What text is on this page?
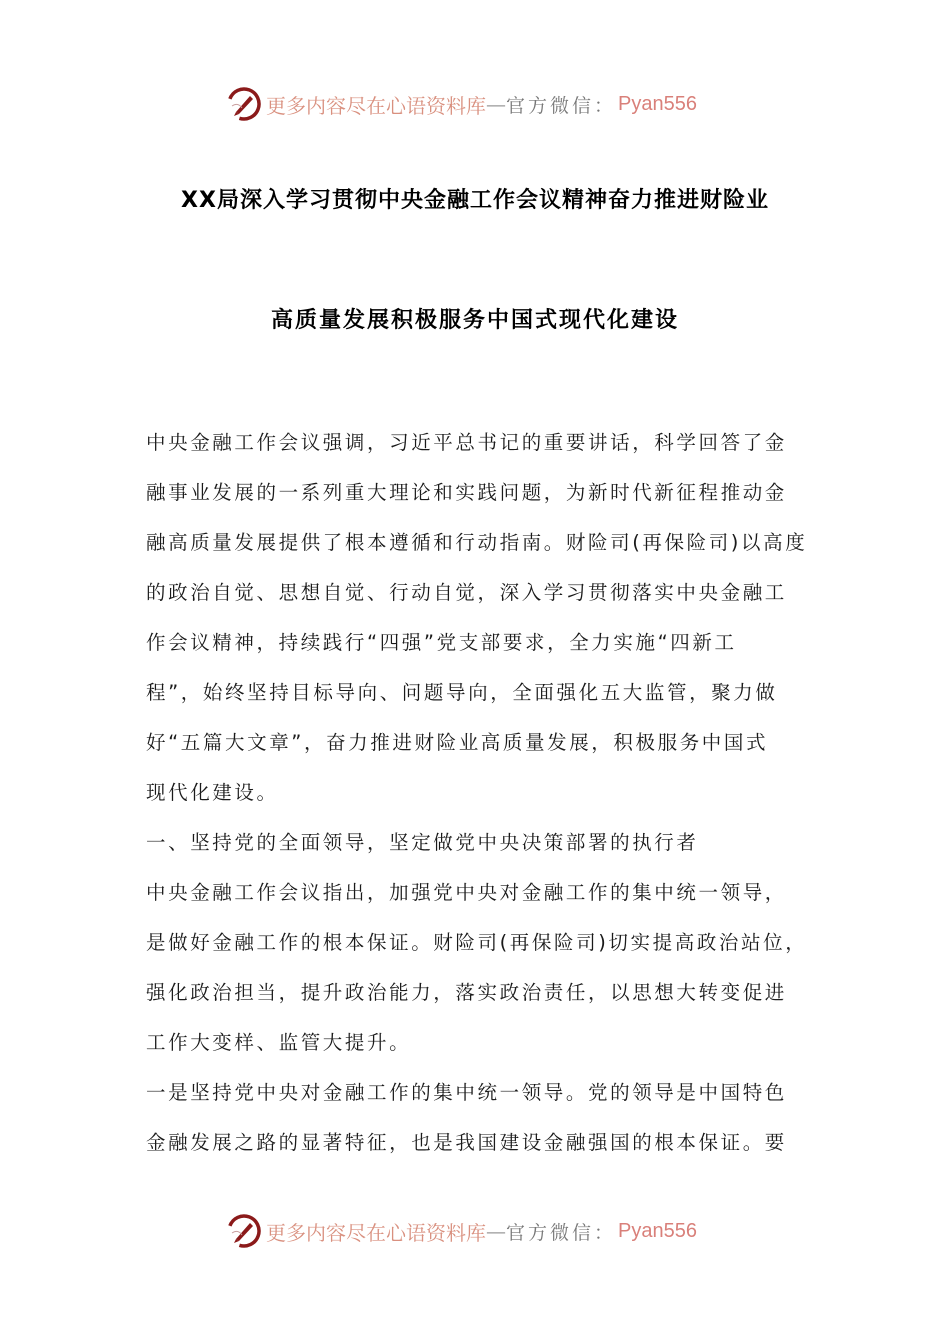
更多内容尽在心语资料库 — 官方微信： Pyan556
XX局深入学习贯彻中央金融工作会议精神奋力推进财险业
高质量发展积极服务中国式现代化建设
中央金融工作会议强调，习近平总书记的重要讲话，科学回答了金
融事业发展的一系列重大理论和实践问题，为新时代新征程推动金
融高质量发展提供了根本遵循和行动指南。财险司(再保险司)以高度
的政治自觉、思想自觉、行动自觉，深入学习贯彻落实中央金融工
作会议精神，持续践行“四强”党支部要求，全力实施“四新工
程”，始终坚持目标导向、问题导向，全面强化五大监管，聚力做
好“五篇大文章”，奋力推进财险业高质量发展，积极服务中国式
现代化建设。
一、坚持党的全面领导，坚定做党中央决策部署的执行者
中央金融工作会议指出，加强党中央对金融工作的集中统一领导，
是做好金融工作的根本保证。财险司(再保险司)切实提高政治站位，
强化政治担当，提升政治能力，落实政治责任，以思想大转变促进
工作大变样、监管大提升。
一是坚持党中央对金融工作的集中统一领导。党的领导是中国特色
金融发展之路的显著特征，也是我国建设金融强国的根本保证。要
更多内容尽在心语资料库 — 官方微信： Pyan556
